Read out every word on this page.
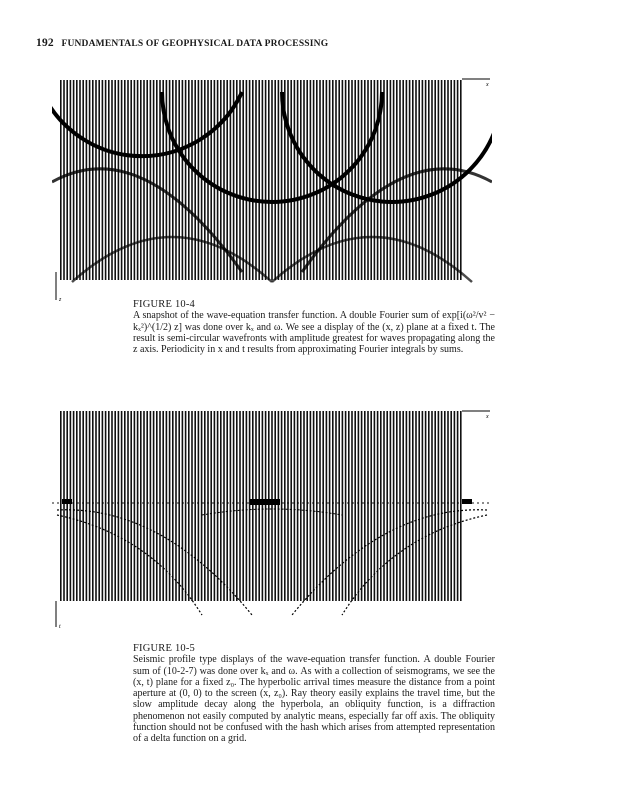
192 FUNDAMENTALS OF GEOPHYSICAL DATA PROCESSING
x
z	FIGURE 10-4
A snapshot of the wave-equation transfer function. A double Fourier sum of exp[i(ω²/v² − kₓ²)^(1/2) z] was done over kₓ and ω. We see a display of the (x, z) plane at a fixed t. The result is semi-circular wavefronts with amplitude greatest for waves propagating along the z axis. Periodicity in x and t results from approximating Fourier integrals by sums.
x
t
FIGURE 10-5
Seismic profile type displays of the wave-equation transfer function. A double Fourier sum of (10-2-7) was done over kₓ and ω. As with a collection of seismograms, we see the (x, t) plane for a fixed z₀. The hyperbolic arrival times measure the distance from a point aperture at (0, 0) to the screen (x, z₀). Ray theory easily explains the travel time, but the slow amplitude decay along the hyperbola, an obliquity function, is a diffraction phenomenon not easily computed by analytic means, especially far off axis. The obliquity function should not be confused with the hash which arises from attempted representation of a delta function on a grid.
